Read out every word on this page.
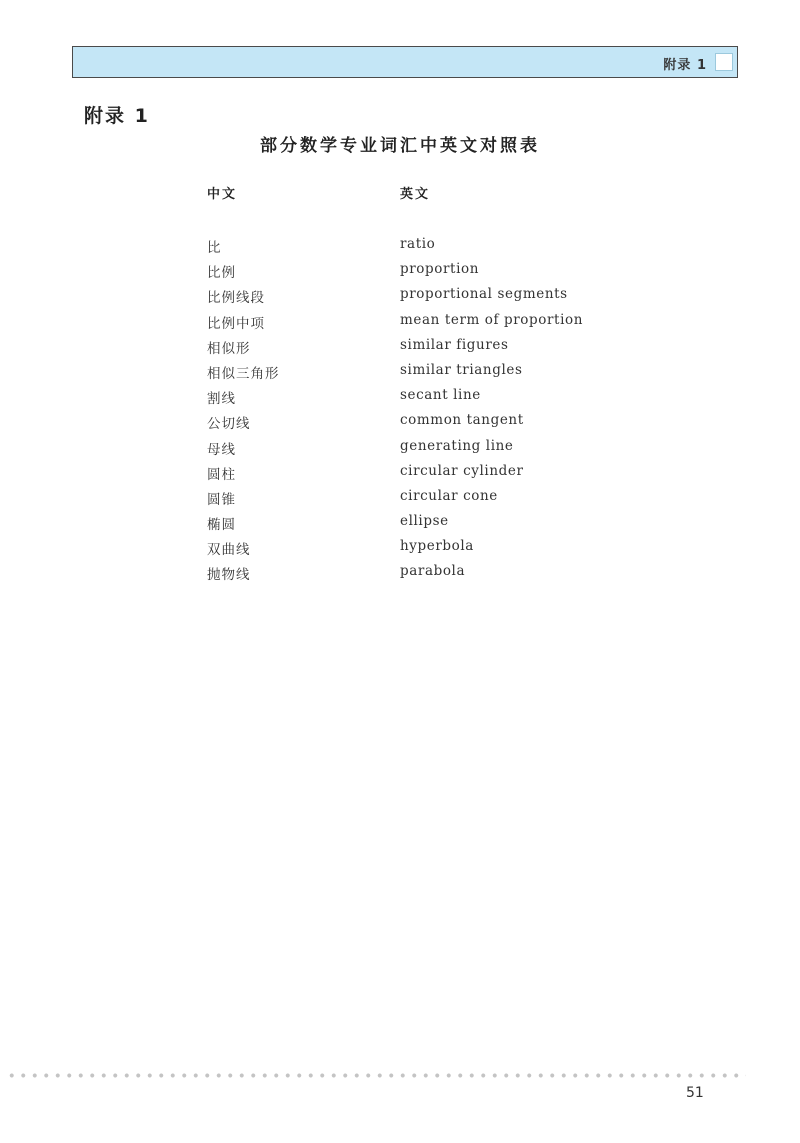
附录 1
附录 1
部分数学专业词汇中英文对照表
中文	英文
比	ratio
比例	proportion
比例线段	proportional segments
比例中项	mean term of proportion
相似形	similar figures
相似三角形	similar triangles
割线	secant line
公切线	common tangent
母线	generating line
圆柱	circular cylinder
圆锥	circular cone
椭圆	ellipse
双曲线	hyperbola
抛物线	parabola
51
